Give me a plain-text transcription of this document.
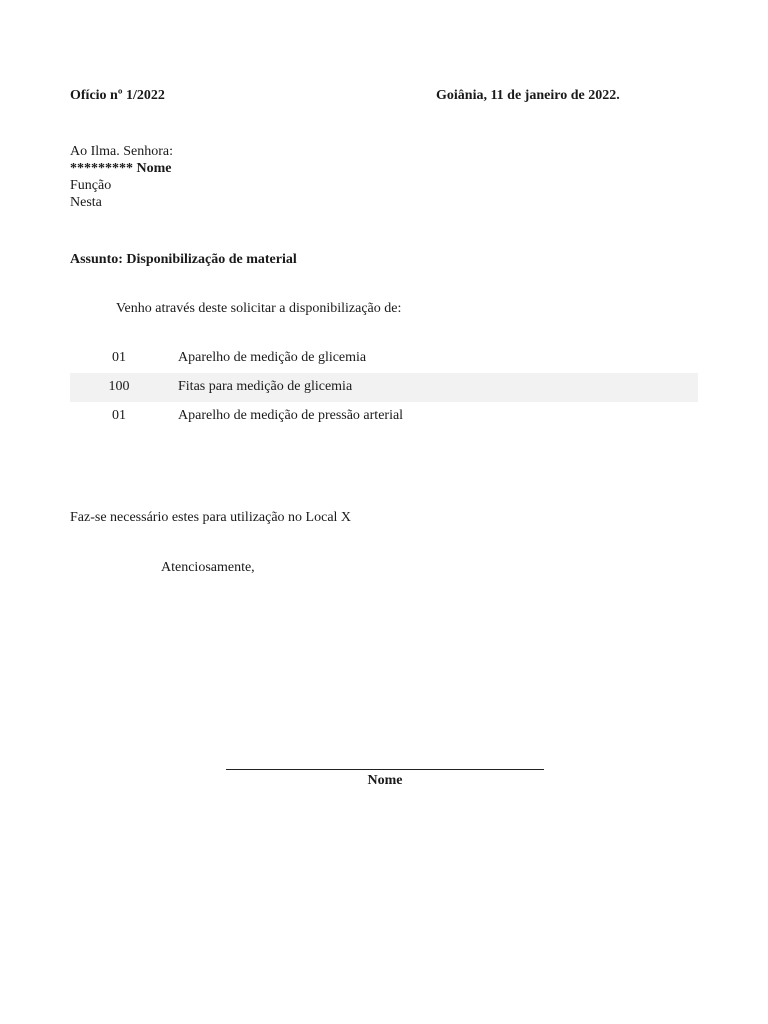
Ofício nº 1/2022	Goiânia, 11 de janeiro de 2022.
Ao Ilma. Senhora:
********* Nome
Função
Nesta
Assunto: Disponibilização de material
Venho através deste solicitar a disponibilização de:
01	Aparelho de medição de glicemia
100	Fitas para medição de glicemia
01	Aparelho de medição de pressão arterial
Faz-se necessário estes para utilização no Local X
Atenciosamente,
Nome
